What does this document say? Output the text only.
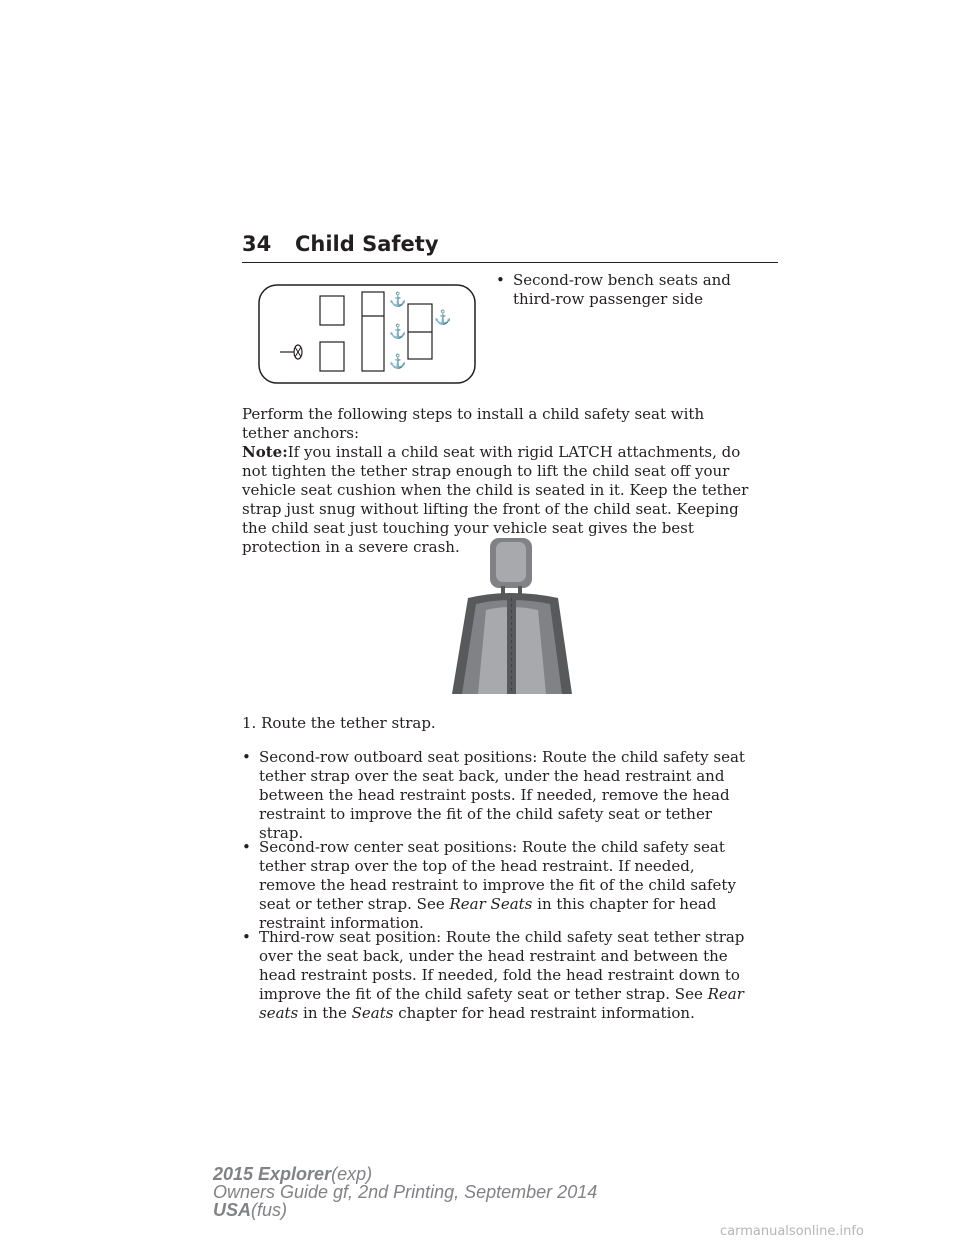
34 Child Safety
⚓
⚓
⚓
⚓
• Second-row bench seats and third-row passenger side

Perform the following steps to install a child safety seat with tether anchors:

Note:If you install a child seat with rigid LATCH attachments, do not tighten the tether strap enough to lift the child seat off your vehicle seat cushion when the child is seated in it. Keep the tether strap just snug without lifting the front of the child seat. Keeping the child seat just touching your vehicle seat gives the best protection in a severe crash.

1. Route the tether strap.

• Second-row outboard seat positions: Route the child safety seat tether strap over the seat back, under the head restraint and between the head restraint posts. If needed, remove the head restraint to improve the fit of the child safety seat or tether strap.

• Second-row center seat positions: Route the child safety seat tether strap over the top of the head restraint. If needed, remove the head restraint to improve the fit of the child safety seat or tether strap. See Rear Seats in this chapter for head restraint information.

• Third-row seat position: Route the child safety seat tether strap over the seat back, under the head restraint and between the head restraint posts. If needed, fold the head restraint down to improve the fit of the child safety seat or tether strap. See Rear seats in the Seats chapter for head restraint information.

2015 Explorer(exp)
Owners Guide gf, 2nd Printing, September 2014
USA(fus)
carmanualsonline.info
